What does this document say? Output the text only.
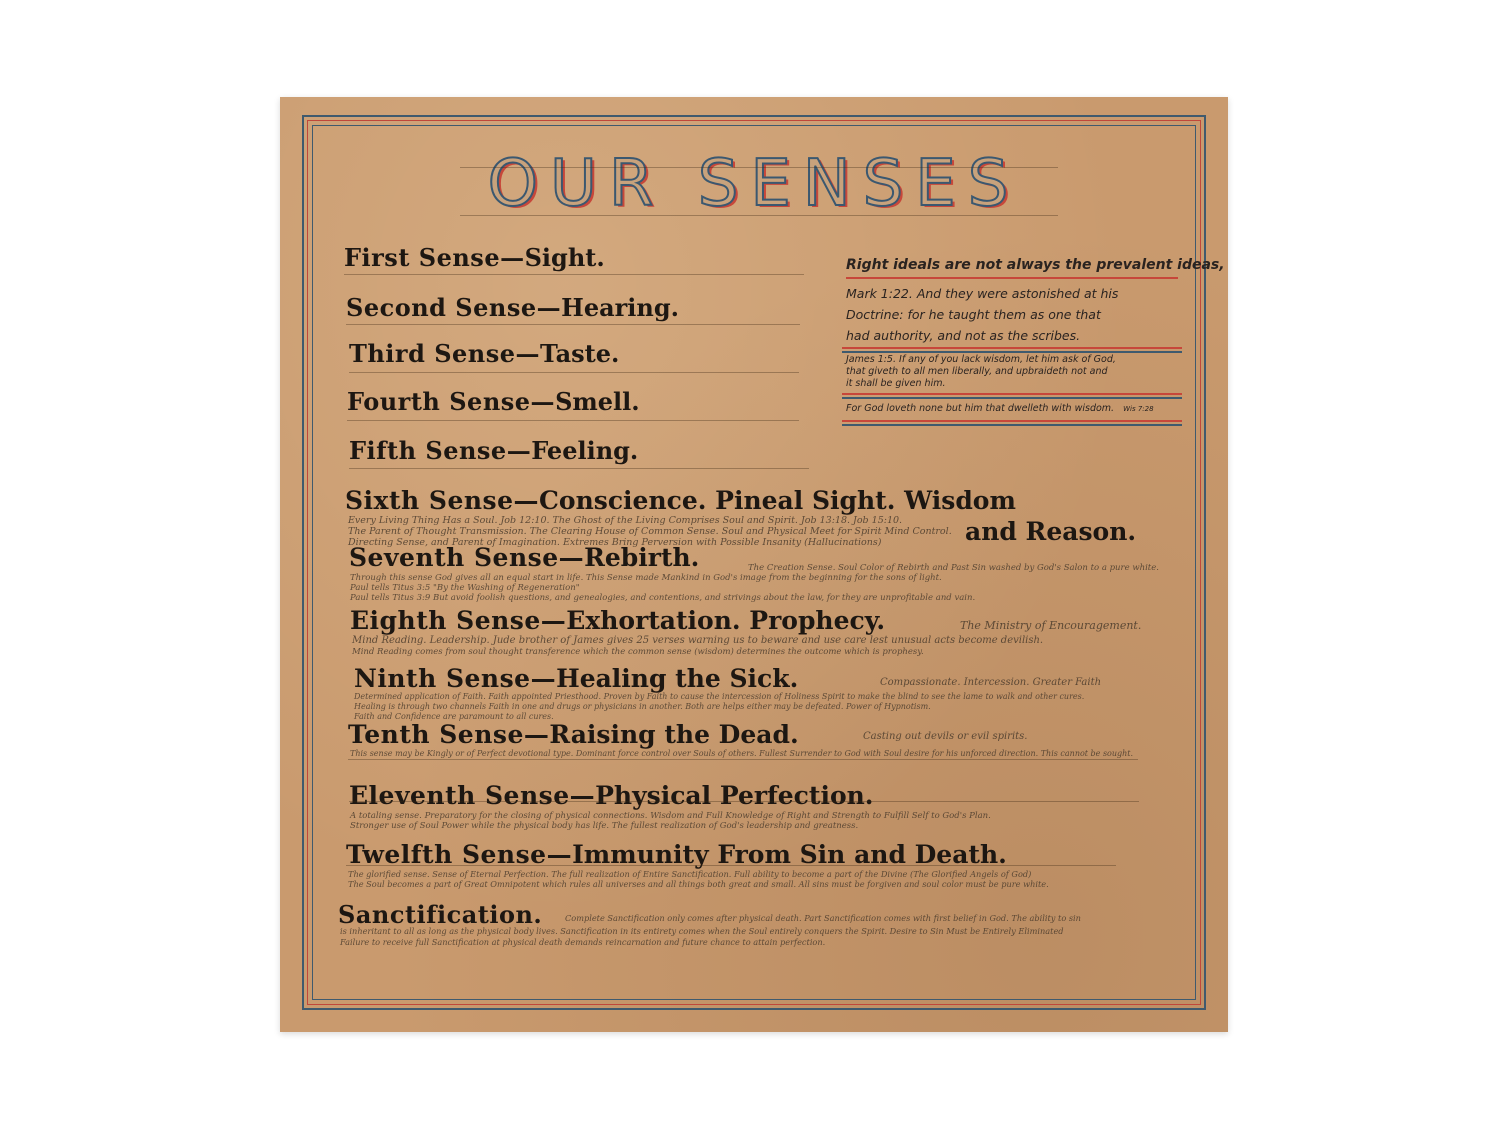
OUR SENSES
Right ideals are not always the prevalent ideas,
Mark 1:22. And they were astonished at his
Doctrine: for he taught them as one that
had authority, and not as the scribes.
James 1:5. If any of you lack wisdom, let him ask of God,
that giveth to all men liberally, and upbraideth not and
it shall be given him.
For God loveth none but him that dwelleth with wisdom. Wis 7:28
First Sense—Sight.
Second Sense—Hearing.
Third Sense—Taste.
Fourth Sense—Smell.
Fifth Sense—Feeling.
Sixth Sense—Conscience. Pineal Sight. Wisdom
and Reason.
Every Living Thing Has a Soul. Job 12:10. The Ghost of the Living Comprises Soul and Spirit. Job 13:18. Job 15:10.
The Parent of Thought Transmission. The Clearing House of Common Sense. Soul and Physical Meet for Spirit Mind Control.
Directing Sense, and Parent of Imagination. Extremes Bring Perversion with Possible Insanity (Hallucinations)
Seventh Sense—Rebirth.	The Creation Sense. Soul Color of Rebirth and Past Sin washed by God's Salon to a pure white.
Through this sense God gives all an equal start in life. This Sense made Mankind in God's image from the beginning for the sons of light.
Paul tells Titus 3:5 "By the Washing of Regeneration"
Paul tells Titus 3:9 But avoid foolish questions, and genealogies, and contentions, and strivings about the law, for they are unprofitable and vain.
Eighth Sense—Exhortation. Prophecy.	The Ministry of Encouragement.
Mind Reading. Leadership. Jude brother of James gives 25 verses warning us to beware and use care lest unusual acts become devilish.
Mind Reading comes from soul thought transference which the common sense (wisdom) determines the outcome which is prophesy.
Ninth Sense—Healing the Sick.	Compassionate. Intercession. Greater Faith
Determined application of Faith. Faith appointed Priesthood. Proven by Faith to cause the intercession of Holiness Spirit to make the blind to see the lame to walk and other cures.
Healing is through two channels Faith in one and drugs or physicians in another. Both are helps either may be defeated. Power of Hypnotism.
Faith and Confidence are paramount to all cures.
Tenth Sense—Raising the Dead.	Casting out devils or evil spirits.
This sense may be Kingly or of Perfect devotional type. Dominant force control over Souls of others. Fullest Surrender to God with Soul desire for his unforced direction. This cannot be sought.
Eleventh Sense—Physical Perfection.
A totaling sense. Preparatory for the closing of physical connections. Wisdom and Full Knowledge of Right and Strength to Fulfill Self to God's Plan.
Stronger use of Soul Power while the physical body has life. The fullest realization of God's leadership and greatness.
Twelfth Sense—Immunity From Sin and Death.
The glorified sense. Sense of Eternal Perfection. The full realization of Entire Sanctification. Full ability to become a part of the Divine (The Glorified Angels of God)
The Soul becomes a part of Great Omnipotent which rules all universes and all things both great and small. All sins must be forgiven and soul color must be pure white.
Sanctification.	Complete Sanctification only comes after physical death. Part Sanctification comes with first belief in God. The ability to sin
is inheritant to all as long as the physical body lives. Sanctification in its entirety comes when the Soul entirely conquers the Spirit. Desire to Sin Must be Entirely Eliminated
Failure to receive full Sanctification at physical death demands reincarnation and future chance to attain perfection.
